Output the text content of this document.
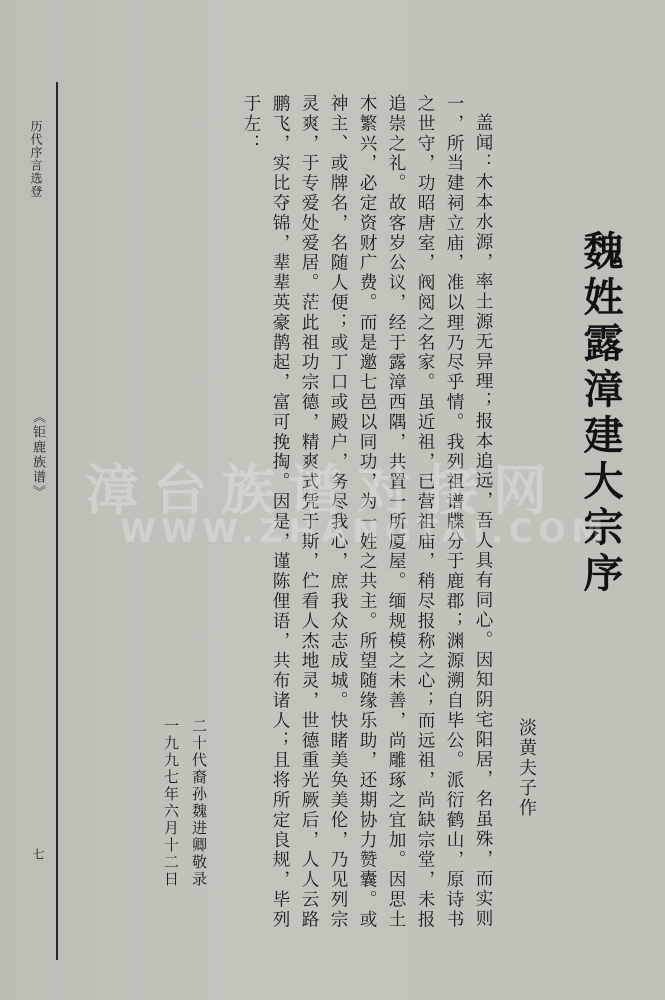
历代序言选登
《钜鹿族谱》
七
魏姓露漳建大宗序
淡黄夫子作

盖闻：木本水源，率土源无异理；报本追远，吾人具有同心。因知阴宅阳居，名虽殊，而实则一，所当建祠立庙，准以理乃尽乎情。我列祖谱牒分于鹿郡；渊源溯自毕公。派衍鹤山，原诗书之世守，功昭唐室，阀阅之名家。虽近祖，已营祖庙，稍尽报称之心；而远祖，尚缺宗堂，未报追崇之礼。故客岁公议，经于露漳西隅，共置一所厦屋。缅规模之未善，尚雕琢之宜加。因思土木繁兴，必定资财广费。而是邀七邑以同功，为一姓之共主。所望随缘乐助，还期协力赞囊。或神主、或牌名，名随人便；或丁口或殿户，务尽我心，庶我众志成城。快睹美奂美伦，乃见列宗灵爽，于专爱处爱居。茫此祖功宗德，精爽式凭于斯，伫看人杰地灵，世德重光厥后，人人云路鹏飞，实比夺锦，辈辈英豪鹊起，富可挽掏。因是，谨陈俚语，共布诸人；且将所定良规，毕列于左：

二十代裔孙魏进卿敬录
一九九七年六月十二日
漳台族谱对接网
WWW.ZHANGTAI.COM
